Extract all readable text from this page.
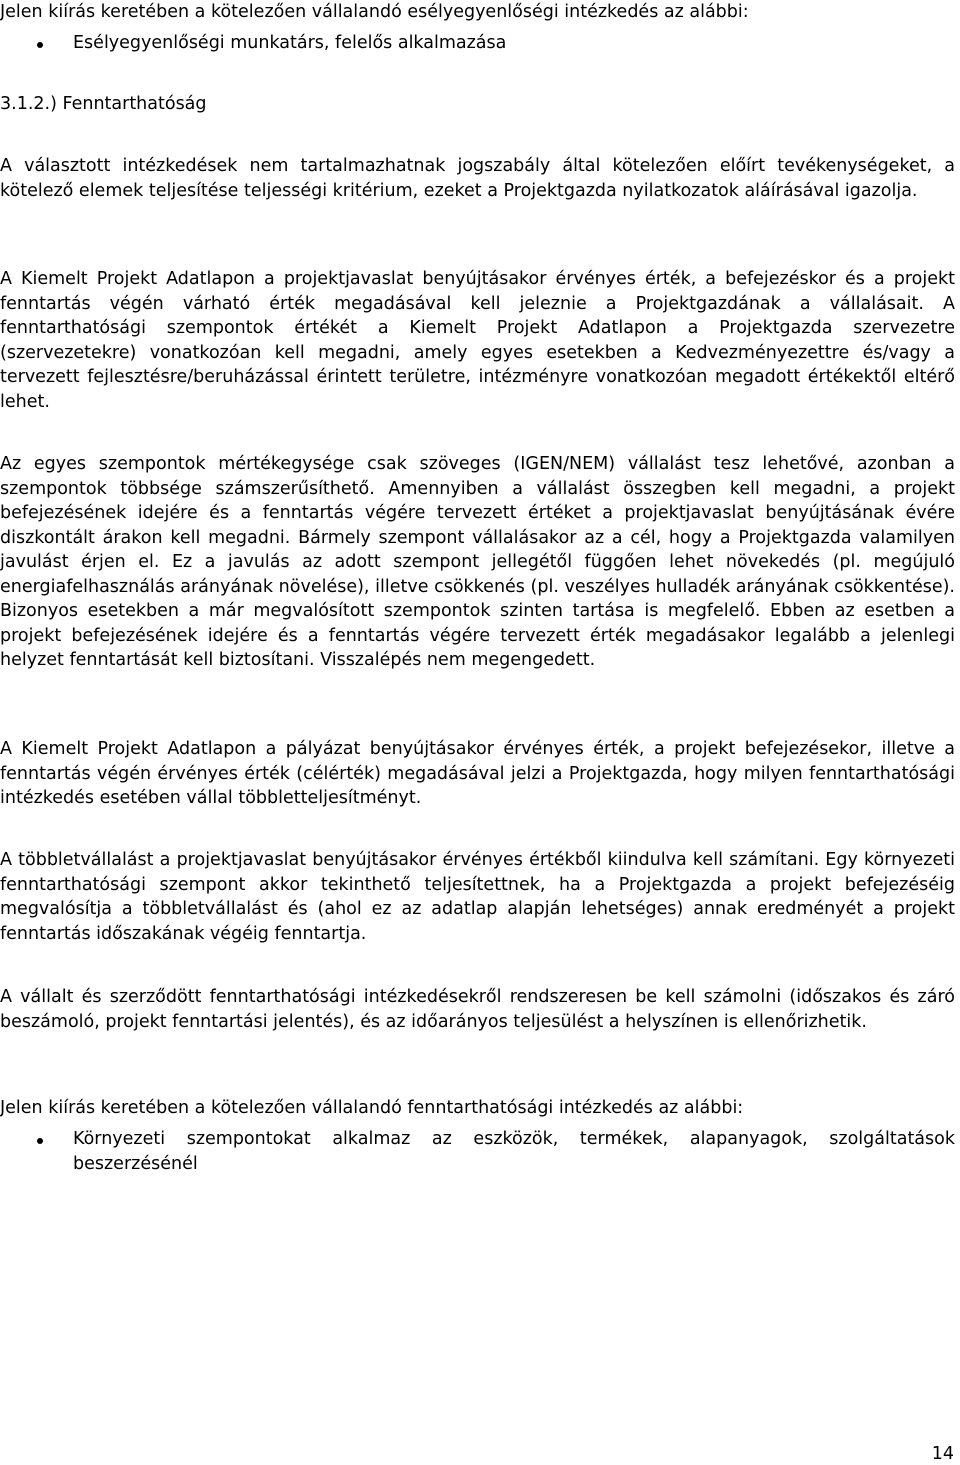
Jelen kiírás keretében a kötelezően vállalandó esélyegyenlőségi intézkedés az alábbi:

Esélyegyenlőségi munkatárs, felelős alkalmazása

3.1.2.) Fenntarthatóság

A választott intézkedések nem tartalmazhatnak jogszabály által kötelezően előírt tevékenységeket, a kötelező elemek teljesítése teljességi kritérium, ezeket a Projektgazda nyilatkozatok aláírásával igazolja.

A Kiemelt Projekt Adatlapon a projektjavaslat benyújtásakor érvényes érték, a befejezéskor és a projekt fenntartás végén várható érték megadásával kell jeleznie a Projektgazdának a vállalásait. A fenntarthatósági szempontok értékét a Kiemelt Projekt Adatlapon a Projektgazda szervezetre (szervezetekre) vonatkozóan kell megadni, amely egyes esetekben a Kedvezményezettre és/vagy a tervezett fejlesztésre/beruházással érintett területre, intézményre vonatkozóan megadott értékektől eltérő lehet.

Az egyes szempontok mértékegysége csak szöveges (IGEN/NEM) vállalást tesz lehetővé, azonban a szempontok többsége számszerűsíthető. Amennyiben a vállalást összegben kell megadni, a projekt befejezésének idejére és a fenntartás végére tervezett értéket a projektjavaslat benyújtásának évére diszkontált árakon kell megadni. Bármely szempont vállalásakor az a cél, hogy a Projektgazda valamilyen javulást érjen el. Ez a javulás az adott szempont jellegétől függően lehet növekedés (pl. megújuló energiafelhasználás arányának növelése), illetve csökkenés (pl. veszélyes hulladék arányának csökkentése). Bizonyos esetekben a már megvalósított szempontok szinten tartása is megfelelő. Ebben az esetben a projekt befejezésének idejére és a fenntartás végére tervezett érték megadásakor legalább a jelenlegi helyzet fenntartását kell biztosítani. Visszalépés nem megengedett.

A Kiemelt Projekt Adatlapon a pályázat benyújtásakor érvényes érték, a projekt befejezésekor, illetve a fenntartás végén érvényes érték (célérték) megadásával jelzi a Projektgazda, hogy milyen fenntarthatósági intézkedés esetében vállal többletteljesítményt.

A többletvállalást a projektjavaslat benyújtásakor érvényes értékből kiindulva kell számítani. Egy környezeti fenntarthatósági szempont akkor tekinthető teljesítettnek, ha a Projektgazda a projekt befejezéséig megvalósítja a többletvállalást és (ahol ez az adatlap alapján lehetséges) annak eredményét a projekt fenntartás időszakának végéig fenntartja.

A vállalt és szerződött fenntarthatósági intézkedésekről rendszeresen be kell számolni (időszakos és záró beszámoló, projekt fenntartási jelentés), és az időarányos teljesülést a helyszínen is ellenőrizhetik.

Jelen kiírás keretében a kötelezően vállalandó fenntarthatósági intézkedés az alábbi:

Környezeti szempontokat alkalmaz az eszközök, termékek, alapanyagok, szolgáltatások beszerzésénél
14
